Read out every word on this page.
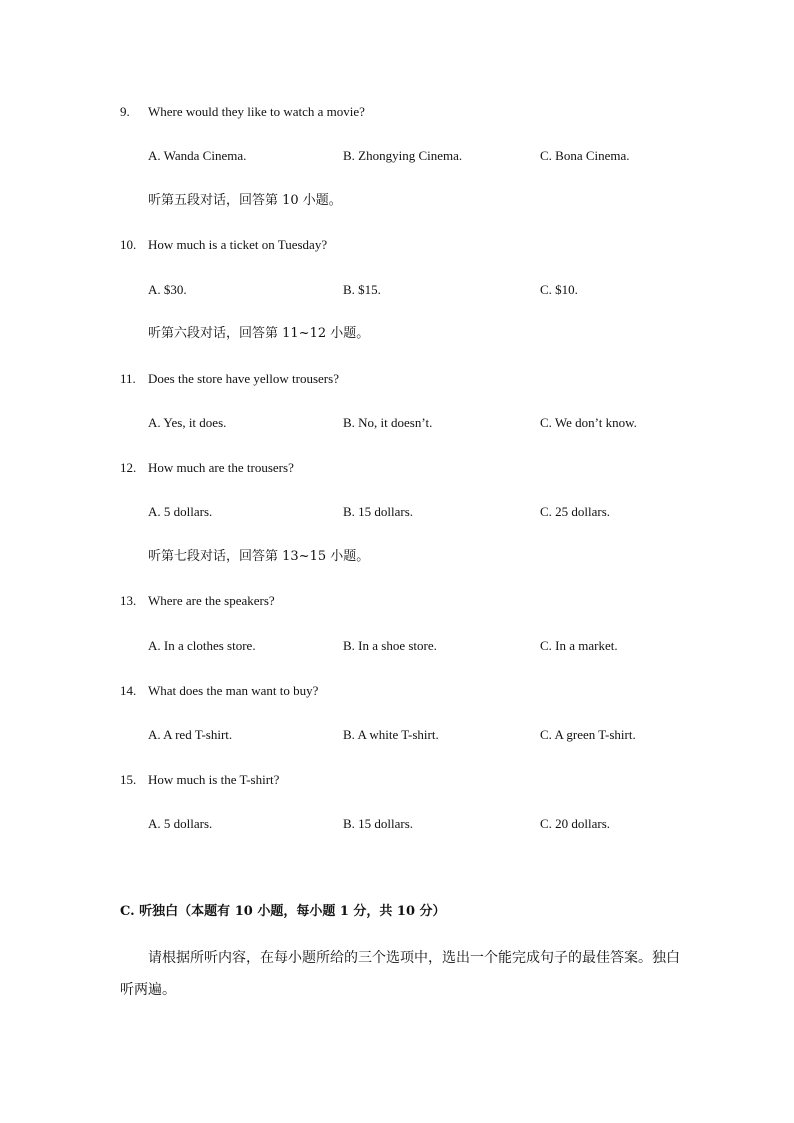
9. Where would they like to watch a movie?
A. Wanda Cinema.	B. Zhongying Cinema.	C. Bona Cinema.
听第五段对话，回答第 10 小题。
10. How much is a ticket on Tuesday?
A. $30.	B. $15.	C. $10.
听第六段对话，回答第 11~12 小题。
11. Does the store have yellow trousers?
A. Yes, it does.	B. No, it doesn’t.	C. We don’t know.
12. How much are the trousers?
A. 5 dollars.	B. 15 dollars.	C. 25 dollars.
听第七段对话，回答第 13~15 小题。
13. Where are the speakers?
A. In a clothes store.	B. In a shoe store.	C. In a market.
14. What does the man want to buy?
A. A red T-shirt.	B. A white T-shirt.	C. A green T-shirt.
15. How much is the T-shirt?
A. 5 dollars.	B. 15 dollars.	C. 20 dollars.
C. 听独白（本题有 10 小题，每小题 1 分，共 10 分）
请根据所听内容，在每小题所给的三个选项中，选出一个能完成句子的最佳答案。独白听两遍。
